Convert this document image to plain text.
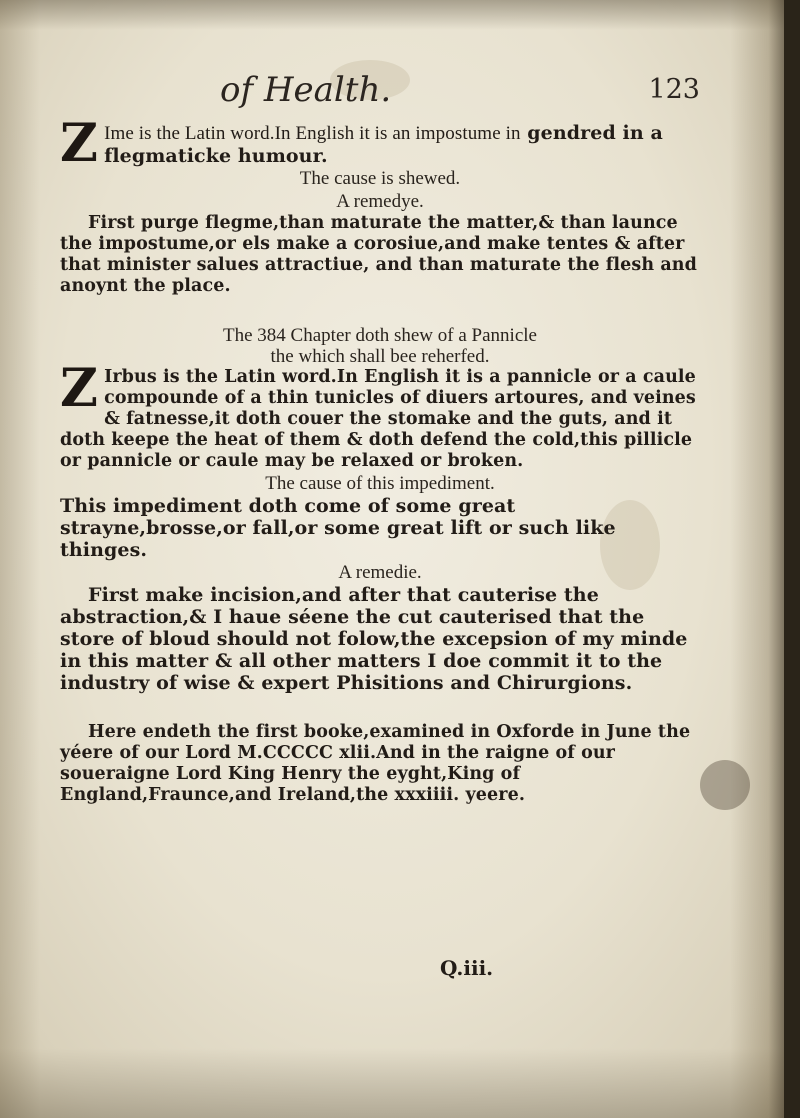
of Health.	123

Z Ime is the Latin word.In English it is an impostume in gendred in a flegmaticke humour.

The cause is shewed.

A remedye.

First purge flegme,than maturate the matter,& than launce the impostume,or els make a corosiue,and make tentes & after that minister salues attractiue, and than maturate the flesh and anoynt the place.

The 384 Chapter doth shew of a Pannicle

the which shall bee reherfed.

Z Irbus is the Latin word.In English it is a pannicle or a caule compounde of a thin tunicles of diuers artoures, and veines & fatnesse,it doth couer the stomake and the guts, and it doth keepe the heat of them & doth defend the cold,this pillicle or pannicle or caule may be relaxed or broken.

The cause of this impediment.

This impediment doth come of some great strayne,brosse,or fall,or some great lift or such like thinges.

A remedie.

First make incision,and after that cauterise the abstraction,& I haue séene the cut cauterised that the store of bloud should not folow,the excepsion of my minde in this matter & all other matters I doe commit it to the industry of wise & expert Phisitions and Chirurgions.

Here endeth the first booke,examined in Oxforde in June the yéere of our Lord M.CCCCC xlii.And in the raigne of our soueraigne Lord King Henry the eyght,King of England,Fraunce,and Ireland,the xxxiiii. yeere.

Q.iii.
